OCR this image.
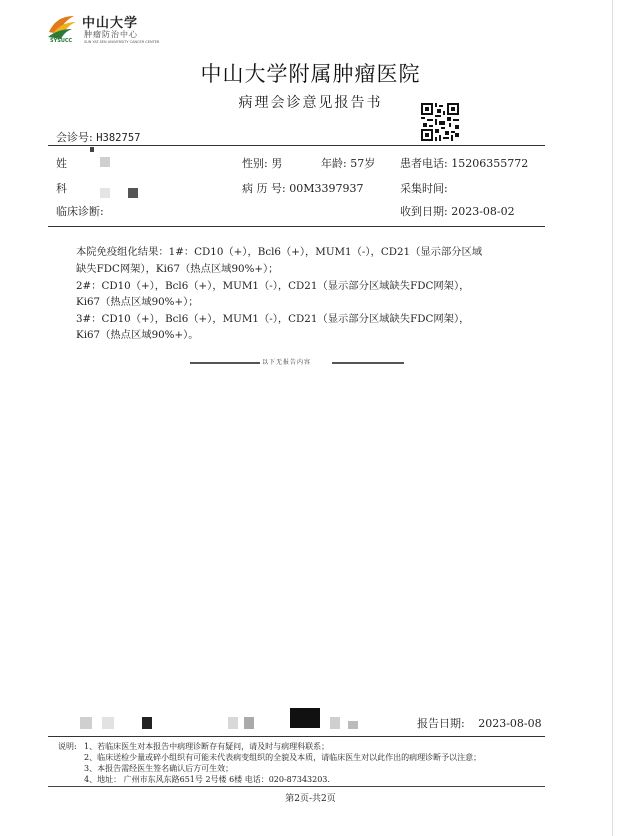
中山大学
肿瘤防治中心
SUN YAT-SEN UNIVERSITY CANCER CENTER
SYSUCC
中山大学附属肿瘤医院
病理会诊意见报告书
会诊号: H382757
姓
科
临床诊断:
性别: 男	年龄: 57岁
病 历 号: 00M3397937
患者电话: 15206355772
采集时间:
收到日期: 2023-08-02
本院免疫组化结果：1#：CD10（+），Bcl6（+），MUM1（-），CD21（显示部分区域
缺失FDC网架），Ki67（热点区域90%+）；
2#：CD10（+），Bcl6（+），MUM1（-），CD21（显示部分区域缺失FDC网架），
Ki67（热点区域90%+）；
3#：CD10（+），Bcl6（+），MUM1（-），CD21（显示部分区域缺失FDC网架），
Ki67（热点区域90%+）。
以下无报告内容
报告日期: 2023-08-08
说明: 1、若临床医生对本报告中病理诊断存有疑问，请及时与病理科联系；
2、临床送检少量或碎小组织有可能未代表病变组织的全貌及本质，请临床医生对以此作出的病理诊断予以注意；
3、本报告需经医生签名确认后方可生效；
4、地址： 广州市东风东路651号 2号楼 6楼 电话：020-87343203.
第2页-共2页
